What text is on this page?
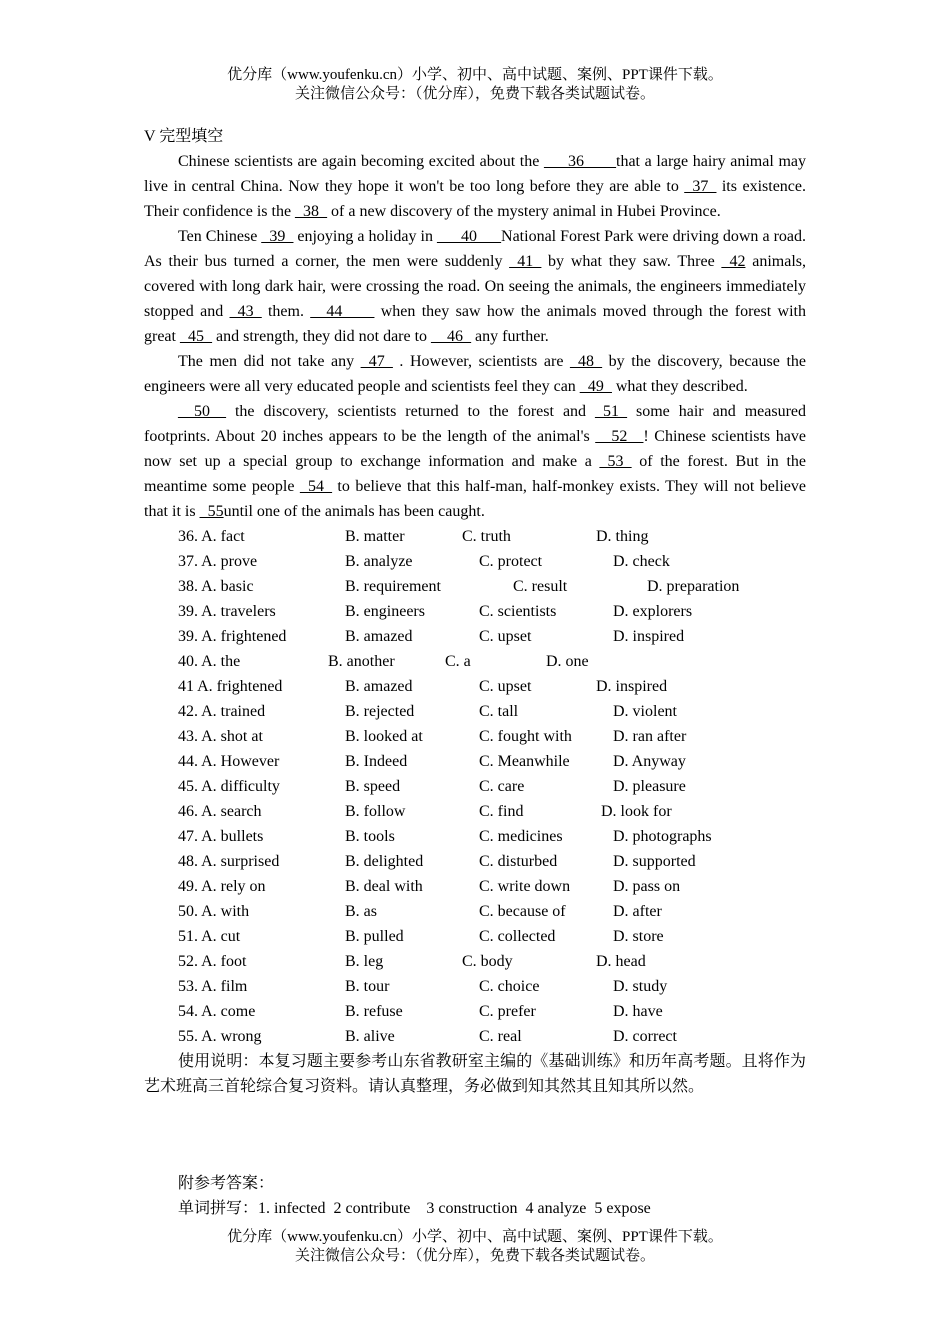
优分库（www.youfenku.cn）小学、初中、高中试题、案例、PPT课件下载。
关注微信公众号：（优分库），免费下载各类试题试卷。
V 完型填空

Chinese scientists are again becoming excited about the ___36____that a large hairy animal may live in central China. Now they hope it won't be too long before they are able to _37_ its existence. Their confidence is the _38_ of a new discovery of the mystery animal in Hubei Province.

Ten Chinese _39_ enjoying a holiday in ___40___National Forest Park were driving down a road. As their bus turned a corner, the men were suddenly _41_ by what they saw. Three _42 animals, covered with long dark hair, were crossing the road. On seeing the animals, the engineers immediately stopped and _43_ them. __44____ when they saw how the animals moved through the forest with great _45_ and strength, they did not dare to __46_ any further.

The men did not take any _47_ . However, scientists are _48_ by the discovery, because the engineers were all very educated people and scientists feel they can _49_ what they described.

__50__ the discovery, scientists returned to the forest and _51_ some hair and measured footprints. About 20 inches appears to be the length of the animal's __52__! Chinese scientists have now set up a special group to exchange information and make a _53_ of the forest. But in the meantime some people _54_ to believe that this half-man, half-monkey exists. They will not believe that it is _55until one of the animals has been caught.

36. A. fact	B. matter	C. truth	D. thing
37. A. prove	B. analyze	C. protect	D. check
38. A. basic	B. requirement	C. result	D. preparation
39. A. travelers	B. engineers	C. scientists	D. explorers
39. A. frightened	B. amazed	C. upset	D. inspired
40. A. the	B. another	C. a	D. one
41 A. frightened	B. amazed	C. upset	D. inspired
42. A. trained	B. rejected	C. tall	D. violent
43. A. shot at	B. looked at	C. fought with	D. ran after
44. A. However	B. Indeed	C. Meanwhile	D. Anyway
45. A. difficulty	B. speed	C. care	D. pleasure
46. A. search	B. follow	C. find	D. look for
47. A. bullets	B. tools	C. medicines	D. photographs
48. A. surprised	B. delighted	C. disturbed	D. supported
49. A. rely on	B. deal with	C. write down	D. pass on
50. A. with	B. as	C. because of	D. after
51. A. cut	B. pulled	C. collected	D. store
52. A. foot	B. leg	C. body	D. head
53. A. film	B. tour	C. choice	D. study
54. A. come	B. refuse	C. prefer	D. have
55. A. wrong	B. alive	C. real	D. correct

使用说明：本复习题主要参考山东省教研室主编的《基础训练》和历年高考题。且将作为艺术班高三首轮综合复习资料。请认真整理，务必做到知其然其且知其所以然。

附参考答案：
单词拼写：1. infected  2 contribute    3 construction  4 analyze  5 expose
优分库（www.youfenku.cn）小学、初中、高中试题、案例、PPT课件下载。
关注微信公众号：（优分库），免费下载各类试题试卷。
